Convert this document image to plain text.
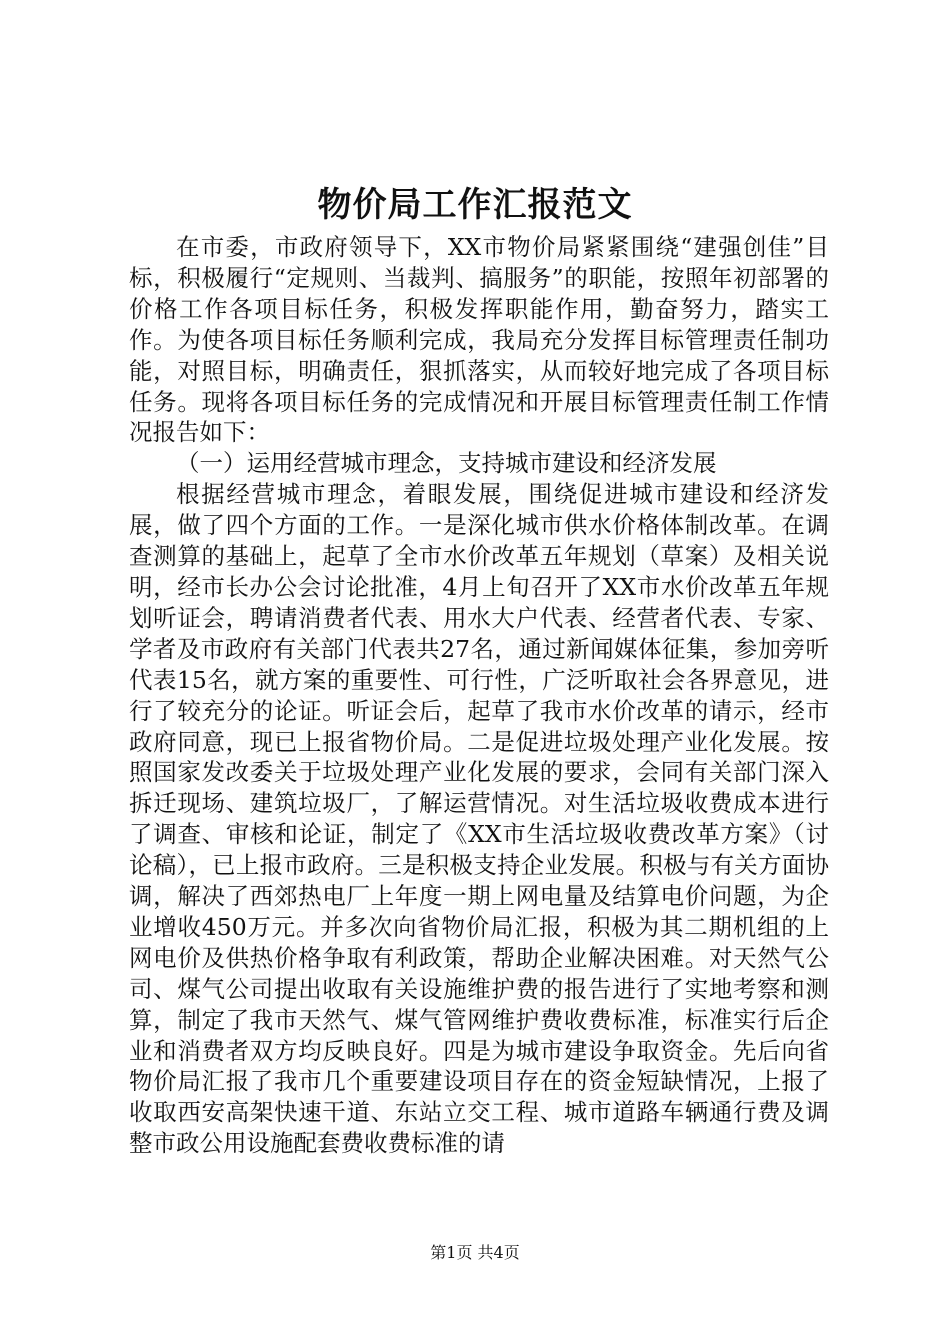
物价局工作汇报范文

在市委，市政府领导下，XX市物价局紧紧围绕“建强创佳”目标，积极履行“定规则、当裁判、搞服务”的职能，按照年初部署的价格工作各项目标任务，积极发挥职能作用，勤奋努力，踏实工作。为使各项目标任务顺利完成，我局充分发挥目标管理责任制功能，对照目标，明确责任，狠抓落实，从而较好地完成了各项目标任务。现将各项目标任务的完成情况和开展目标管理责任制工作情况报告如下：

（一）运用经营城市理念，支持城市建设和经济发展

根据经营城市理念，着眼发展，围绕促进城市建设和经济发展，做了四个方面的工作。一是深化城市供水价格体制改革。在调查测算的基础上，起草了全市水价改革五年规划（草案）及相关说明，经市长办公会讨论批准，4月上旬召开了XX市水价改革五年规划听证会，聘请消费者代表、用水大户代表、经营者代表、专家、学者及市政府有关部门代表共27名，通过新闻媒体征集，参加旁听代表15名，就方案的重要性、可行性，广泛听取社会各界意见，进行了较充分的论证。听证会后，起草了我市水价改革的请示，经市政府同意，现已上报省物价局。二是促进垃圾处理产业化发展。按照国家发改委关于垃圾处理产业化发展的要求，会同有关部门深入拆迁现场、建筑垃圾厂，了解运营情况。对生活垃圾收费成本进行了调查、审核和论证，制定了《XX市生活垃圾收费改革方案》（讨论稿），已上报市政府。三是积极支持企业发展。积极与有关方面协调，解决了西郊热电厂上年度一期上网电量及结算电价问题，为企业增收450万元。并多次向省物价局汇报，积极为其二期机组的上网电价及供热价格争取有利政策，帮助企业解决困难。对天然气公司、煤气公司提出收取有关设施维护费的报告进行了实地考察和测算，制定了我市天然气、煤气管网维护费收费标准，标准实行后企业和消费者双方均反映良好。四是为城市建设争取资金。先后向省物价局汇报了我市几个重要建设项目存在的资金短缺情况，上报了收取西安高架快速干道、东站立交工程、城市道路车辆通行费及调整市政公用设施配套费收费标准的请

第1页 共4页
